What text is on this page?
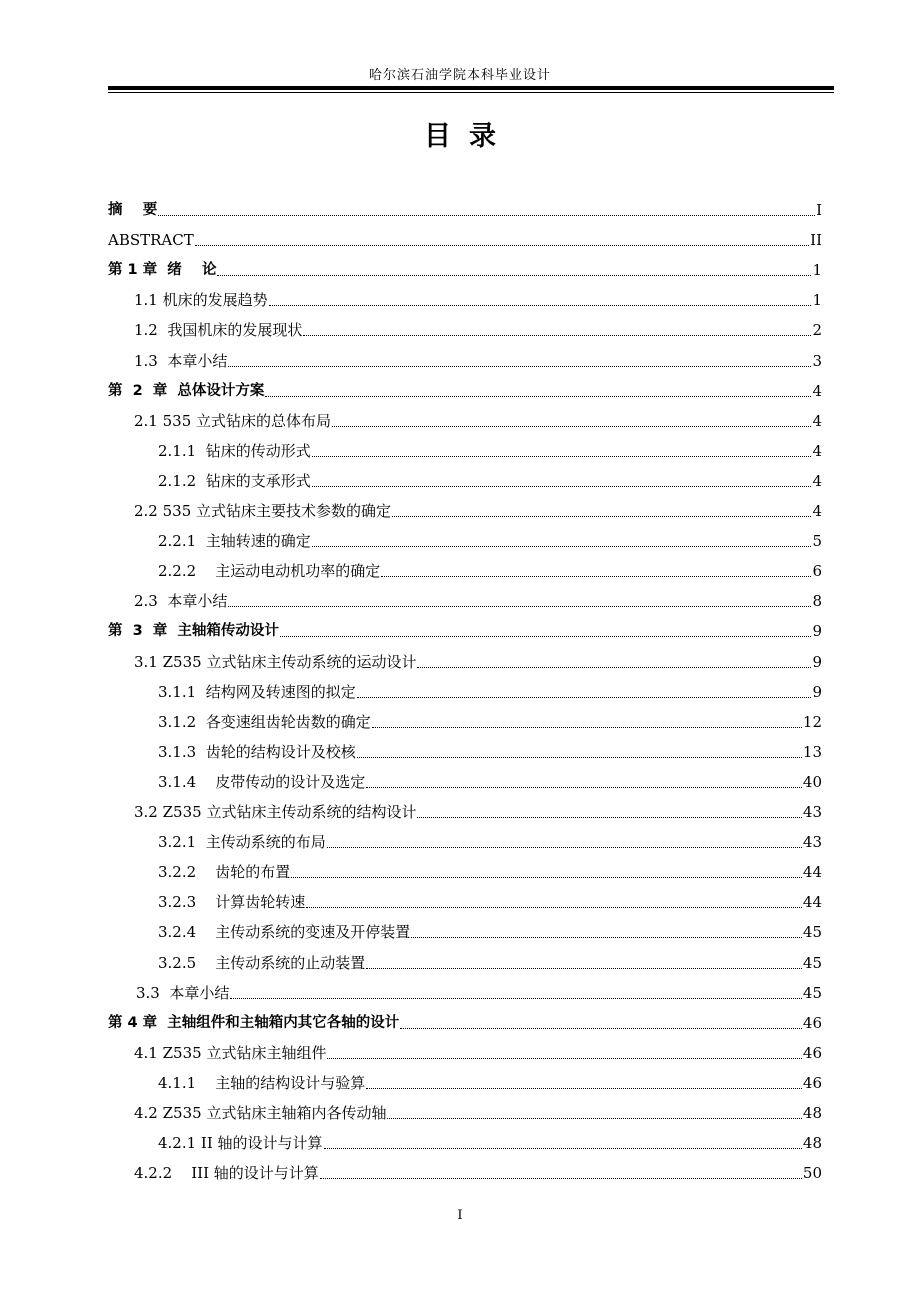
哈尔滨石油学院本科毕业设计
目录
摘    要	I
ABSTRACT	II
第 1 章  绪    论	1
1.1 机床的发展趋势	1
1.2  我国机床的发展现状	2
1.3  本章小结	3
第  2  章  总体设计方案	4
2.1 535 立式钻床的总体布局	4
2.1.1  钻床的传动形式	4
2.1.2  钻床的支承形式	4
2.2 535 立式钻床主要技术参数的确定	4
2.2.1  主轴转速的确定	5
2.2.2    主运动电动机功率的确定	6
2.3  本章小结	8
第  3  章  主轴箱传动设计	9
3.1 Z535 立式钻床主传动系统的运动设计	9
3.1.1  结构网及转速图的拟定	9
3.1.2  各变速组齿轮齿数的确定	12
3.1.3  齿轮的结构设计及校核	13
3.1.4    皮带传动的设计及选定	40
3.2 Z535 立式钻床主传动系统的结构设计	43
3.2.1  主传动系统的布局	43
3.2.2    齿轮的布置	44
3.2.3    计算齿轮转速	44
3.2.4    主传动系统的变速及开停装置	45
3.2.5    主传动系统的止动装置	45
3.3  本章小结	45
第 4 章  主轴组件和主轴箱内其它各轴的设计	46
4.1 Z535 立式钻床主轴组件	46
4.1.1    主轴的结构设计与验算	46
4.2 Z535 立式钻床主轴箱内各传动轴	48
4.2.1 II 轴的设计与计算	48
4.2.2    III 轴的设计与计算	50
I
